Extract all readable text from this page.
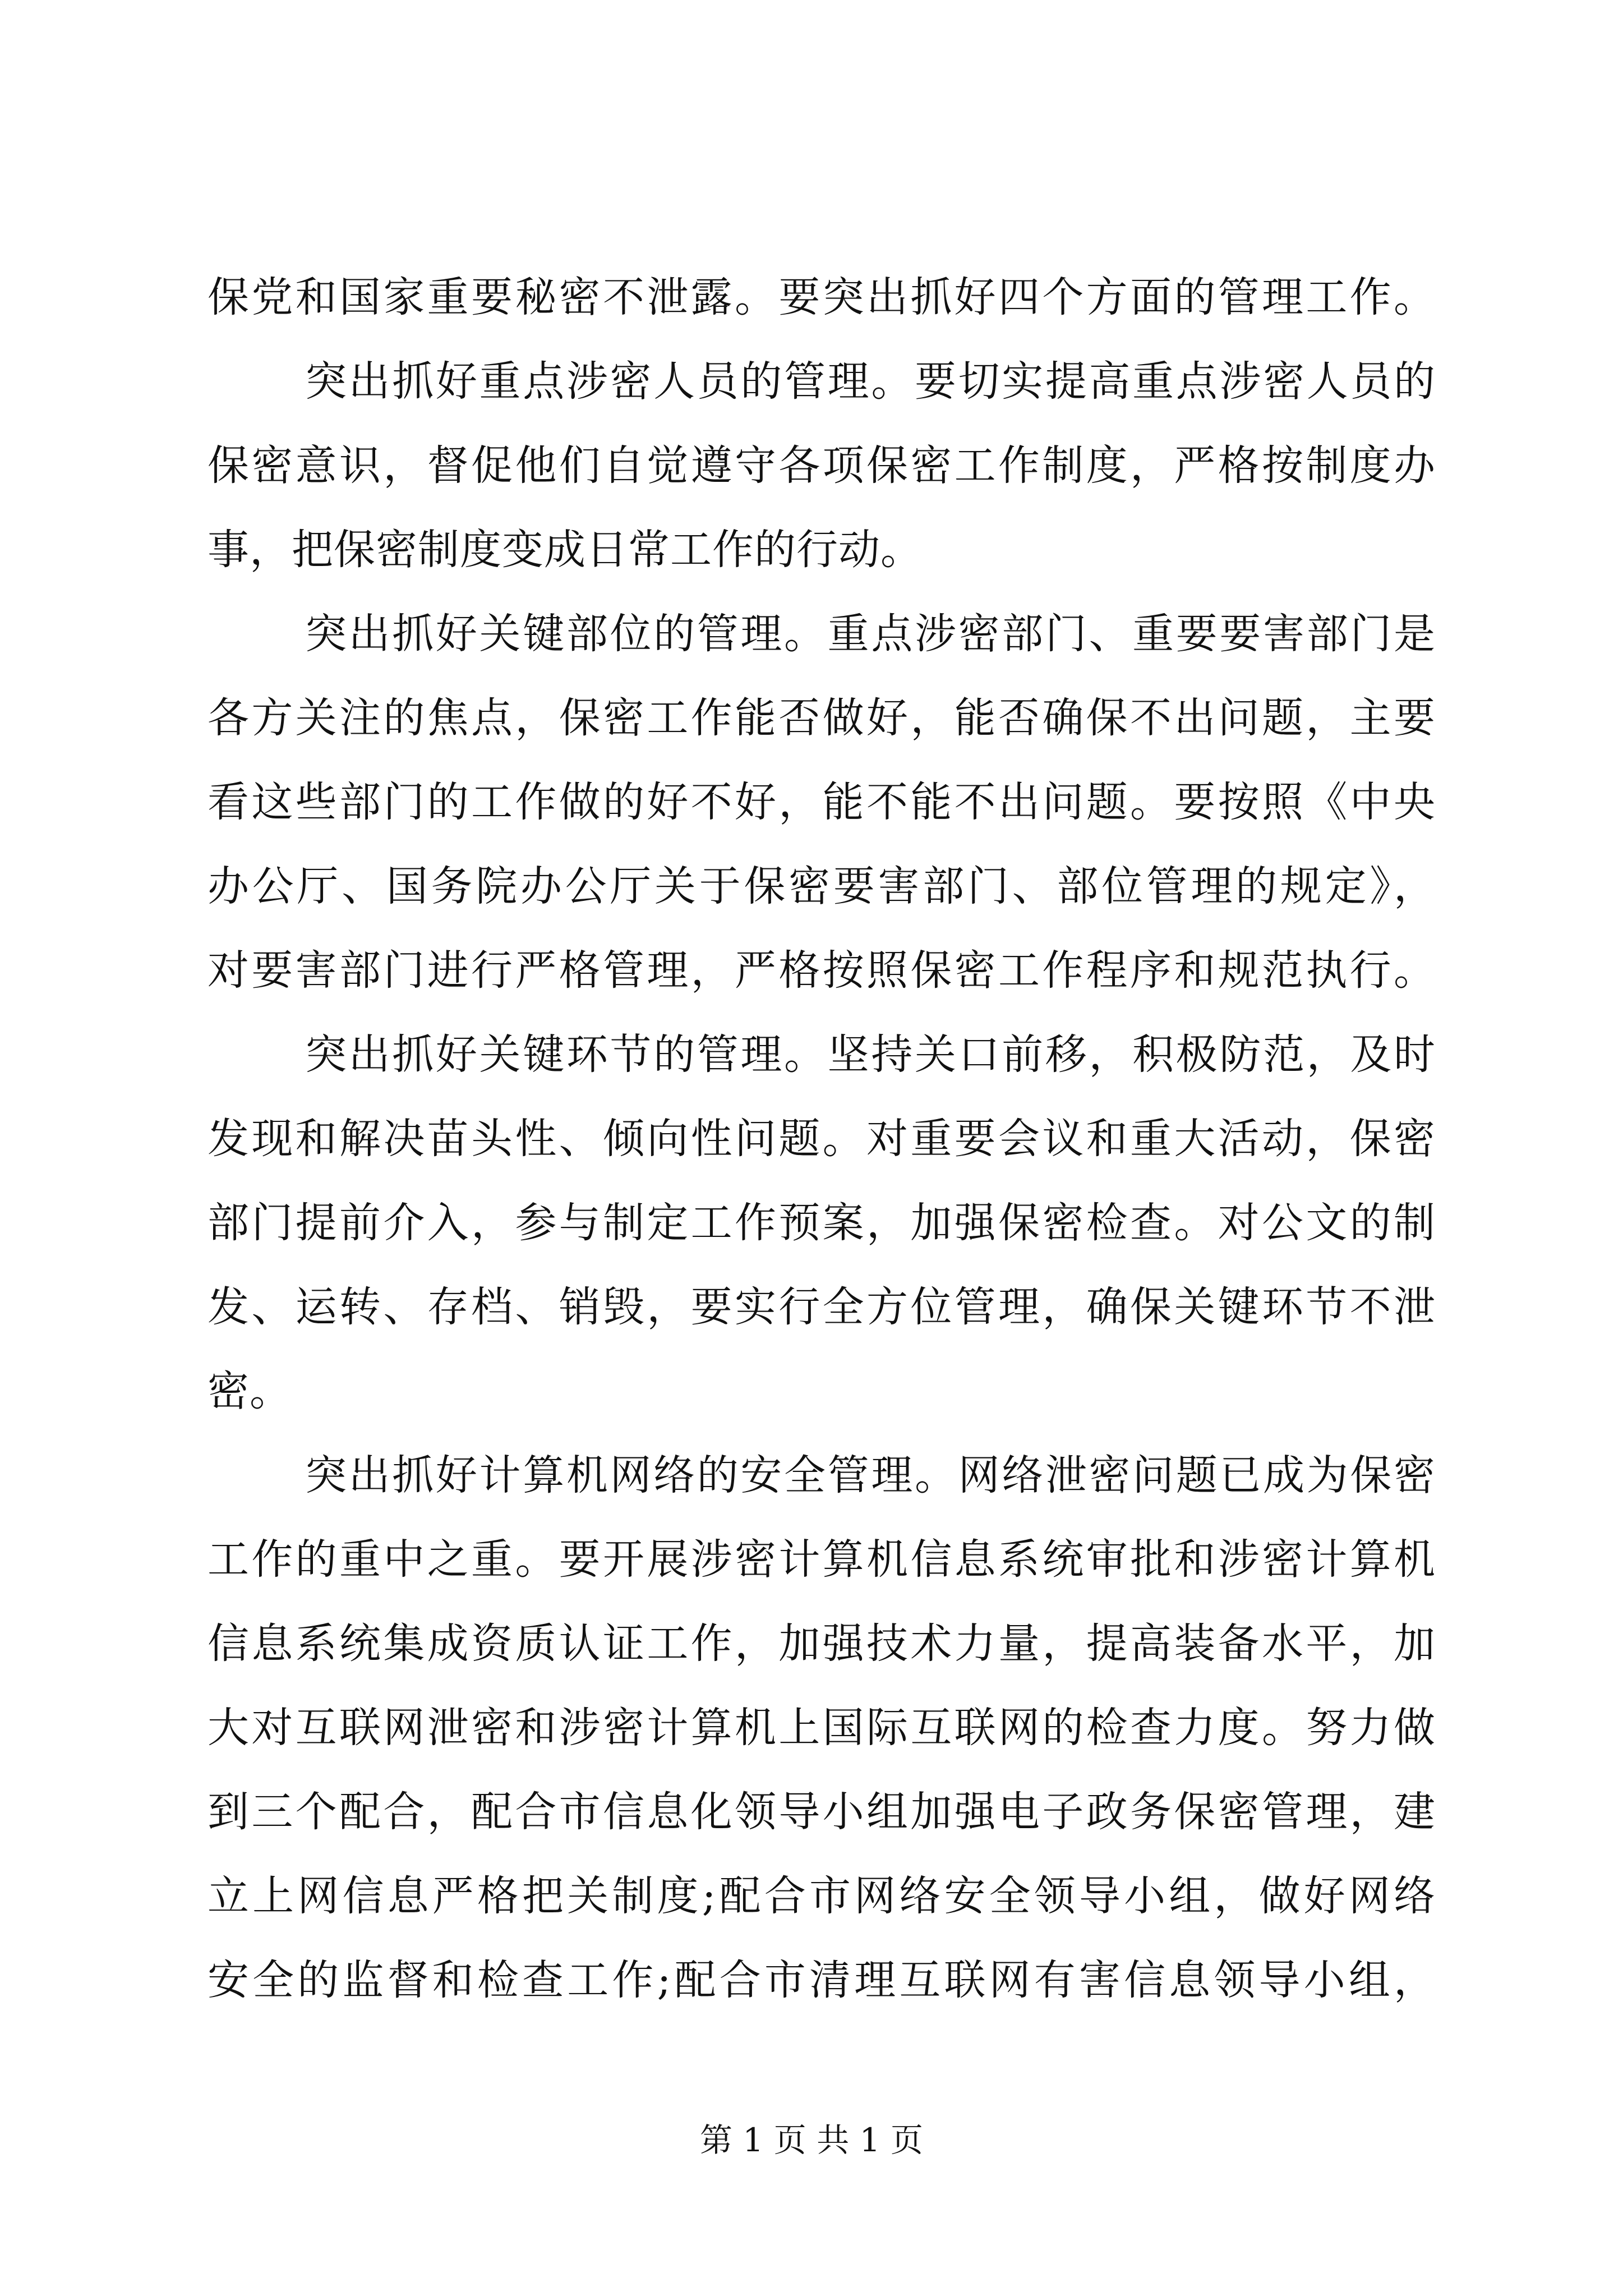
保党和国家重要秘密不泄露。要突出抓好四个方面的管理工作。
突出抓好重点涉密人员的管理。要切实提高重点涉密人员的
保密意识，督促他们自觉遵守各项保密工作制度，严格按制度办
事，把保密制度变成日常工作的行动。
突出抓好关键部位的管理。重点涉密部门、重要要害部门是
各方关注的焦点，保密工作能否做好，能否确保不出问题，主要
看这些部门的工作做的好不好，能不能不出问题。要按照《中央
办公厅、国务院办公厅关于保密要害部门、部位管理的规定》，
对要害部门进行严格管理，严格按照保密工作程序和规范执行。
突出抓好关键环节的管理。坚持关口前移，积极防范，及时
发现和解决苗头性、倾向性问题。对重要会议和重大活动，保密
部门提前介入，参与制定工作预案，加强保密检查。对公文的制
发、运转、存档、销毁，要实行全方位管理，确保关键环节不泄
密。
突出抓好计算机网络的安全管理。网络泄密问题已成为保密
工作的重中之重。要开展涉密计算机信息系统审批和涉密计算机
信息系统集成资质认证工作，加强技术力量，提高装备水平，加
大对互联网泄密和涉密计算机上国际互联网的检查力度。努力做
到三个配合，配合市信息化领导小组加强电子政务保密管理，建
立上网信息严格把关制度;配合市网络安全领导小组，做好网络
安全的监督和检查工作;配合市清理互联网有害信息领导小组，
第 1 页 共 1 页
